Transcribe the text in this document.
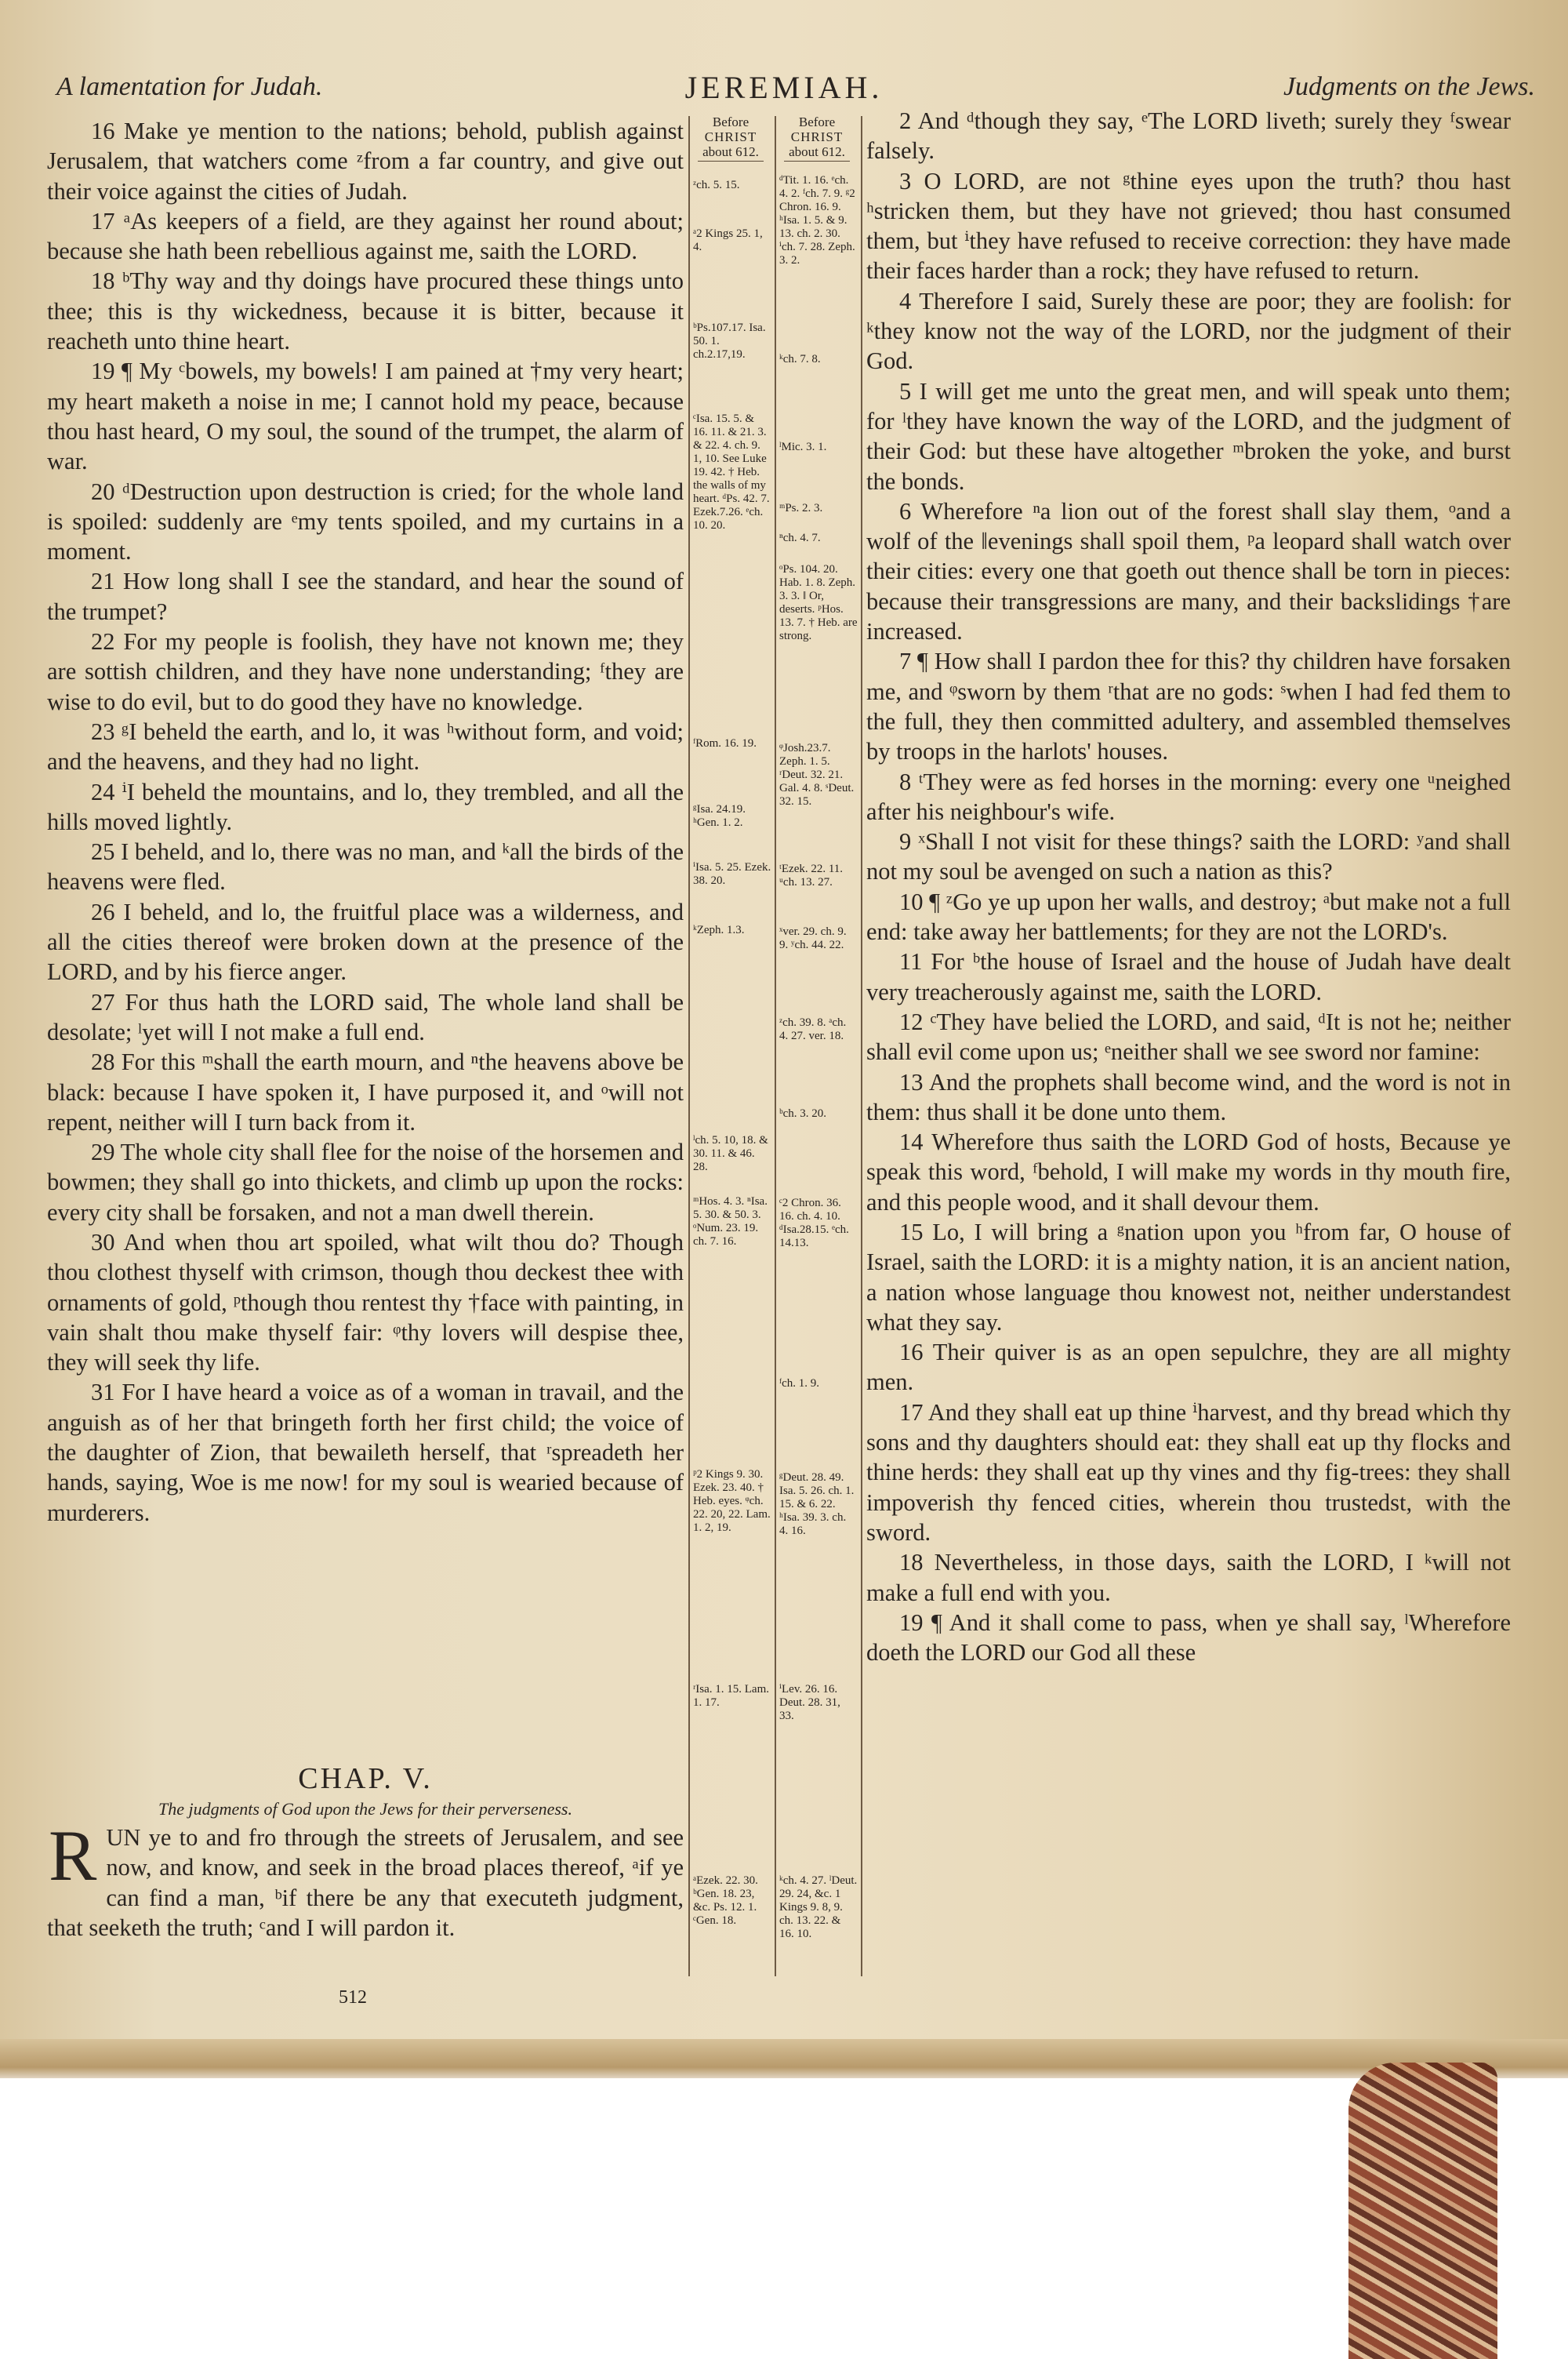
A lamentation for Judah.	JEREMIAH.	Judgments on the Jews.
Before
CHRIST
about 612.
Before
CHRIST
about 612.

16 Make ye mention to the nations; behold, publish against Jerusalem, that watchers come ᶻfrom a far country, and give out their voice against the cities of Judah.

17 ᵃAs keepers of a field, are they against her round about; because she hath been rebellious against me, saith the LORD.

18 ᵇThy way and thy doings have procured these things unto thee; this is thy wickedness, because it is bitter, because it reacheth unto thine heart.

19 ¶ My ᶜbowels, my bowels! I am pained at †my very heart; my heart maketh a noise in me; I cannot hold my peace, because thou hast heard, O my soul, the sound of the trumpet, the alarm of war.

20 ᵈDestruction upon destruction is cried; for the whole land is spoiled: suddenly are ᵉmy tents spoiled, and my curtains in a moment.

21 How long shall I see the standard, and hear the sound of the trumpet?

22 For my people is foolish, they have not known me; they are sottish children, and they have none understanding; ᶠthey are wise to do evil, but to do good they have no knowledge.

23 ᵍI beheld the earth, and lo, it was ʰwithout form, and void; and the heavens, and they had no light.

24 ⁱI beheld the mountains, and lo, they trembled, and all the hills moved lightly.

25 I beheld, and lo, there was no man, and ᵏall the birds of the heavens were fled.

26 I beheld, and lo, the fruitful place was a wilderness, and all the cities thereof were broken down at the presence of the LORD, and by his fierce anger.

27 For thus hath the LORD said, The whole land shall be desolate; ˡyet will I not make a full end.

28 For this ᵐshall the earth mourn, and ⁿthe heavens above be black: because I have spoken it, I have purposed it, and ᵒwill not repent, neither will I turn back from it.

29 The whole city shall flee for the noise of the horsemen and bowmen; they shall go into thickets, and climb up upon the rocks: every city shall be forsaken, and not a man dwell therein.

30 And when thou art spoiled, what wilt thou do? Though thou clothest thyself with crimson, though thou deckest thee with ornaments of gold, ᵖthough thou rentest thy †face with painting, in vain shalt thou make thyself fair: ᵠthy lovers will despise thee, they will seek thy life.

31 For I have heard a voice as of a woman in travail, and the anguish as of her that bringeth forth her first child; the voice of the daughter of Zion, that bewaileth herself, that ʳspreadeth her hands, saying, Woe is me now! for my soul is wearied because of murderers.

CHAP. V.
The judgments of God upon the Jews for their perverseness.
RUN ye to and fro through the streets of Jerusalem, and see now, and know, and seek in the broad places thereof, ᵃif ye can find a man, ᵇif there be any that executeth judgment, that seeketh the truth; ᶜand I will pardon it.
512
ᶻch. 5. 15.
ᵃ2 Kings 25. 1, 4.
ᵇPs.107.17. Isa. 50. 1. ch.2.17,19.
ᶜIsa. 15. 5. & 16. 11. & 21. 3. & 22. 4. ch. 9. 1, 10. See Luke 19. 42. † Heb. the walls of my heart. ᵈPs. 42. 7. Ezek.7.26. ᵉch. 10. 20.
ᶠRom. 16. 19.
ᵍIsa. 24.19. ʰGen. 1. 2.
ⁱIsa. 5. 25. Ezek. 38. 20.
ᵏZeph. 1.3.
ˡch. 5. 10, 18. & 30. 11. & 46. 28.
ᵐHos. 4. 3. ⁿIsa. 5. 30. & 50. 3. ᵒNum. 23. 19. ch. 7. 16.
ᵖ2 Kings 9. 30. Ezek. 23. 40. † Heb. eyes. ᵠch. 22. 20, 22. Lam. 1. 2, 19.
ʳIsa. 1. 15. Lam. 1. 17.
ᵃEzek. 22. 30. ᵇGen. 18. 23, &c. Ps. 12. 1. ᶜGen. 18.
ᵈTit. 1. 16. ᵉch. 4. 2. ᶠch. 7. 9. ᵍ2 Chron. 16. 9. ʰIsa. 1. 5. & 9. 13. ch. 2. 30. ⁱch. 7. 28. Zeph. 3. 2.
ᵏch. 7. 8.
ˡMic. 3. 1.
ᵐPs. 2. 3.
ⁿch. 4. 7.
ᵒPs. 104. 20. Hab. 1. 8. Zeph. 3. 3. ‖ Or, deserts. ᵖHos. 13. 7. † Heb. are strong.
ᵠJosh.23.7. Zeph. 1. 5. ʳDeut. 32. 21. Gal. 4. 8. ˢDeut. 32. 15.
ᵗEzek. 22. 11. ᵘch. 13. 27.
ˣver. 29. ch. 9. 9. ʸch. 44. 22.
ᶻch. 39. 8. ᵃch. 4. 27. ver. 18.
ᵇch. 3. 20.
ᶜ2 Chron. 36. 16. ch. 4. 10. ᵈIsa.28.15. ᵉch. 14.13.
ᶠch. 1. 9.
ᵍDeut. 28. 49. Isa. 5. 26. ch. 1. 15. & 6. 22. ʰIsa. 39. 3. ch. 4. 16.
ⁱLev. 26. 16. Deut. 28. 31, 33.
ᵏch. 4. 27. ˡDeut. 29. 24, &c. 1 Kings 9. 8, 9. ch. 13. 22. & 16. 10.

2 And ᵈthough they say, ᵉThe LORD liveth; surely they ᶠswear falsely.

3 O LORD, are not ᵍthine eyes upon the truth? thou hast ʰstricken them, but they have not grieved; thou hast consumed them, but ⁱthey have refused to receive correction: they have made their faces harder than a rock; they have refused to return.

4 Therefore I said, Surely these are poor; they are foolish: for ᵏthey know not the way of the LORD, nor the judgment of their God.

5 I will get me unto the great men, and will speak unto them; for ˡthey have known the way of the LORD, and the judgment of their God: but these have altogether ᵐbroken the yoke, and burst the bonds.

6 Wherefore ⁿa lion out of the forest shall slay them, ᵒand a wolf of the ‖evenings shall spoil them, ᵖa leopard shall watch over their cities: every one that goeth out thence shall be torn in pieces: because their transgressions are many, and their backslidings †are increased.

7 ¶ How shall I pardon thee for this? thy children have forsaken me, and ᵠsworn by them ʳthat are no gods: ˢwhen I had fed them to the full, they then committed adultery, and assembled themselves by troops in the harlots' houses.

8 ᵗThey were as fed horses in the morning: every one ᵘneighed after his neighbour's wife.

9 ˣShall I not visit for these things? saith the LORD: ʸand shall not my soul be avenged on such a nation as this?

10 ¶ ᶻGo ye up upon her walls, and destroy; ᵃbut make not a full end: take away her battlements; for they are not the LORD's.

11 For ᵇthe house of Israel and the house of Judah have dealt very treacherously against me, saith the LORD.

12 ᶜThey have belied the LORD, and said, ᵈIt is not he; neither shall evil come upon us; ᵉneither shall we see sword nor famine:

13 And the prophets shall become wind, and the word is not in them: thus shall it be done unto them.

14 Wherefore thus saith the LORD God of hosts, Because ye speak this word, ᶠbehold, I will make my words in thy mouth fire, and this people wood, and it shall devour them.

15 Lo, I will bring a ᵍnation upon you ʰfrom far, O house of Israel, saith the LORD: it is a mighty nation, it is an ancient nation, a nation whose language thou knowest not, neither understandest what they say.

16 Their quiver is as an open sepulchre, they are all mighty men.

17 And they shall eat up thine ⁱharvest, and thy bread which thy sons and thy daughters should eat: they shall eat up thy flocks and thine herds: they shall eat up thy vines and thy fig-trees: they shall impoverish thy fenced cities, wherein thou trustedst, with the sword.

18 Nevertheless, in those days, saith the LORD, I ᵏwill not make a full end with you.

19 ¶ And it shall come to pass, when ye shall say, ˡWherefore doeth the LORD our God all these
